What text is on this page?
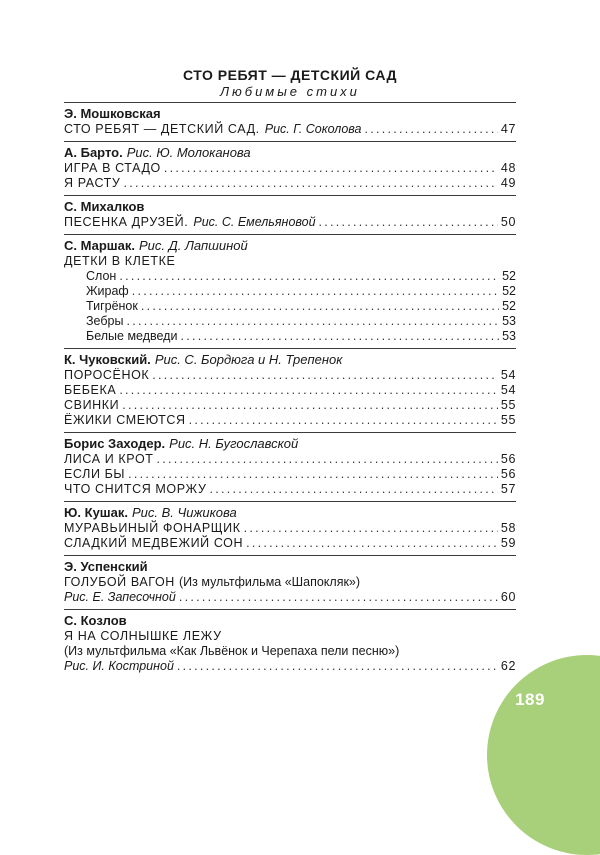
СТО РЕБЯТ — ДЕТСКИЙ САД
Любимые стихи
Э. Мошковская
СТО РЕБЯТ — ДЕТСКИЙ САД. Рис. Г. Соколова . . .	47
А. Барто. Рис. Ю. Молоканова
ИГРА В СТАДО . . .	48
Я РАСТУ . . .	49
С. Михалков
ПЕСЕНКА ДРУЗЕЙ. Рис. С. Емельяновой . . .	50
С. Маршак. Рис. Д. Лапшиной
ДЕТКИ В КЛЕТКЕ
Слон . . .	52
Жираф . . .	52
Тигрёнок . . .	52
Зебры . . .	53
Белые медведи . . .	53
К. Чуковский. Рис. С. Бордюга и Н. Трепенок
ПОРОСЁНОК . . .	54
БЕБЕКА . . .	54
СВИНКИ . . .	55
ЁЖИКИ СМЕЮТСЯ . . .	55
Борис Заходер. Рис. Н. Бугославской
ЛИСА И КРОТ . . .	56
ЕСЛИ БЫ . . .	56
ЧТО СНИТСЯ МОРЖУ . . .	57
Ю. Кушак. Рис. В. Чижикова
МУРАВЬИНЫЙ ФОНАРЩИК . . .	58
СЛАДКИЙ МЕДВЕЖИЙ СОН . . .	59
Э. Успенский
ГОЛУБОЙ ВАГОН (Из мультфильма «Шапокляк»)
Рис. Е. Запесочной . . .	60
С. Козлов
Я НА СОЛНЫШКЕ ЛЕЖУ
(Из мультфильма «Как Львёнок и Черепаха пели песню»)
Рис. И. Костриной . . .	62
189
